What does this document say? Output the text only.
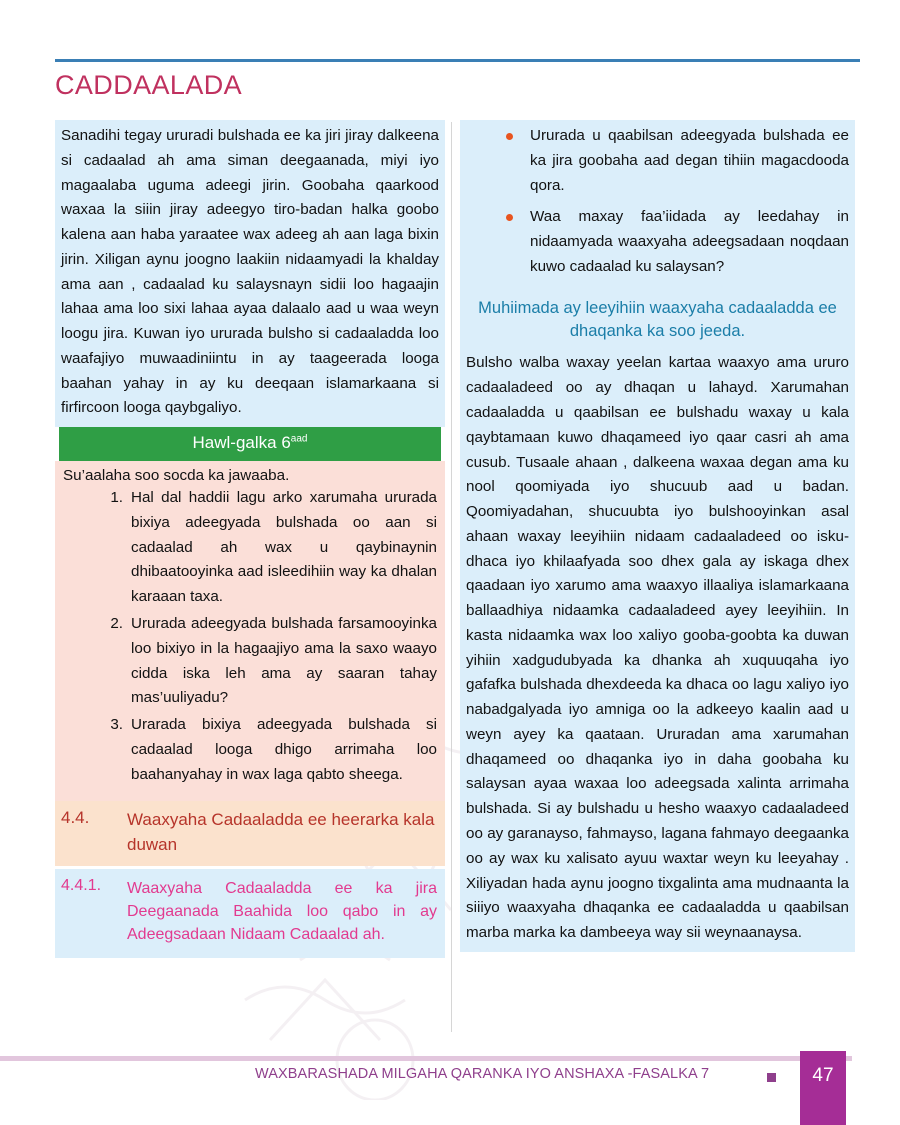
CADDAALADA

Sanadihi tegay ururadi bulshada ee ka jiri jiray dalkeena si cadaalad ah ama siman deegaanada, miyi iyo magaalaba uguma adeegi jirin. Goobaha qaarkood waxaa la siiin jiray adeegyo tiro-badan halka goobo kalena aan haba yaraatee wax adeeg ah aan laga bixin jirin. Xiligan aynu joogno laakiin nidaamyadi la khalday ama aan , cadaalad ku salaysnayn sidii loo hagaajin lahaa ama loo sixi lahaa ayaa dalaalo aad u waa weyn loogu jira. Kuwan iyo ururada bulsho si cadaaladda loo waafajiyo muwaadiniintu in ay taageerada looga baahan yahay in ay ku deeqaan islamarkaana si firfircoon looga qaybgaliyo.

Hawl-galka $6^{aad}$

Su’aalaha soo socda ka jawaaba.

Hal dal haddii lagu arko xarumaha ururada bixiya adeegyada bulshada oo aan si cadaalad ah wax u qaybinaynin dhibaatooyinka aad isleedihiin way ka dhalan karaaan taxa.
Ururada adeegyada bulshada farsamooyinka loo bixiyo in la hagaajiyo ama la saxo waayo cidda iska leh ama ay saaran tahay mas’uuliyadu?
Urarada bixiya adeegyada bulshada si cadaalad looga dhigo arrimaha loo baahanyahay in wax laga qabto sheega.
4.4.	Waaxyaha Cadaaladda ee heerarka kala duwan
4.4.1.	Waaxyaha Cadaaladda ee ka jira Deegaanada Baahida loo qabo in ay Adeegsadaan Nidaam Cadaalad ah.
Ururada u qaabilsan adeegyada bulshada ee ka jira goobaha aad degan tihiin magacdooda qora.
Waa maxay faa’iidada ay leedahay in nidaamyada waaxyaha adeegsadaan noqdaan kuwo cadaalad ku salaysan?
Muhiimada ay leeyihiin waaxyaha cadaaladda ee dhaqanka ka soo jeeda.

Bulsho walba waxay yeelan kartaa waaxyo ama ururo cadaaladeed oo ay dhaqan u lahayd. Xarumahan cadaaladda u qaabilsan ee bulshadu waxay u kala qaybtamaan kuwo dhaqameed iyo qaar casri ah ama cusub. Tusaale ahaan , dalkeena waxaa degan ama ku nool qoomiyada iyo shucuub aad u badan. Qoomiyadahan, shucuubta iyo bulshooyinkan asal ahaan waxay leeyihiin nidaam cadaaladeed oo isku-dhaca iyo khilaafyada soo dhex gala ay iskaga dhex qaadaan iyo xarumo ama waaxyo illaaliya islamarkaana ballaadhiya nidaamka cadaaladeed ayey leeyihiin. In kasta nidaamka wax loo xaliyo gooba-goobta ka duwan yihiin xadgudubyada ka dhanka ah xuquuqaha iyo gafafka bulshada dhexdeeda ka dhaca oo lagu xaliyo iyo nabadgalyada iyo amniga oo la adkeeyo kaalin aad u weyn ayey ka qaataan. Ururadan ama xarumahan dhaqameed oo dhaqanka iyo in daha goobaha ku salaysan ayaa waxaa loo adeegsada xalinta arrimaha bulshada. Si ay bulshadu u hesho waaxyo cadaaladeed oo ay garanayso, fahmayso, lagana fahmayo deegaanka oo ay wax ku xalisato ayuu waxtar weyn ku leeyahay . Xiliyadan hada aynu joogno tixgalinta ama mudnaanta la siiiyo waaxyaha dhaqanka ee cadaaladda u qaabilsan marba marka ka dambeeya way sii weynaanaysa.

WAXBARASHADA MILGAHA QARANKA IYO ANSHAXA -FASALKA 7	47
